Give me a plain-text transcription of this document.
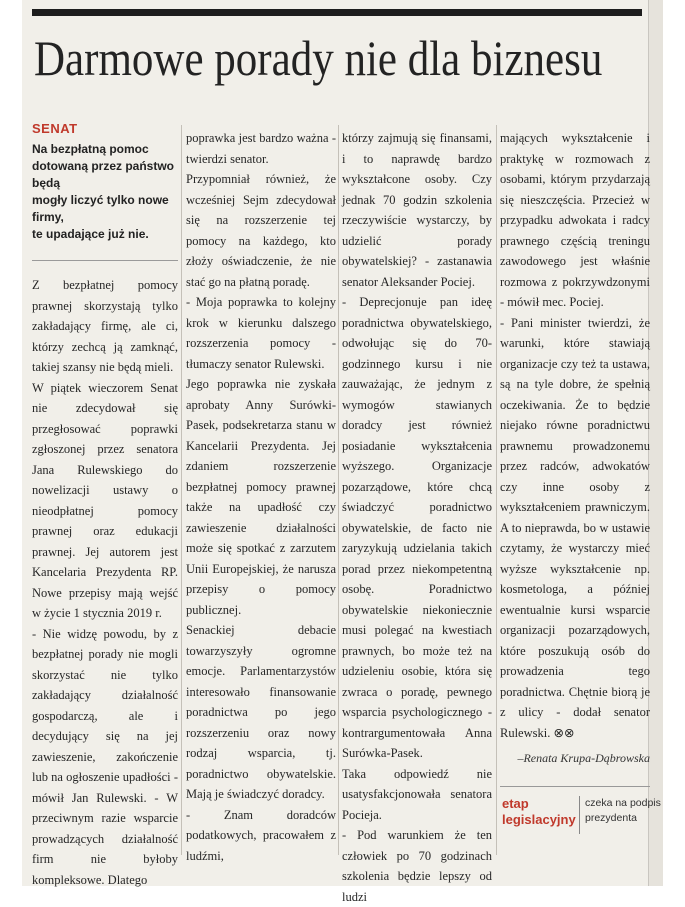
Darmowe porady nie dla biznesu
SENAT
Na bezpłatną pomoc
dotowaną przez państwo będą
mogły liczyć tylko nowe firmy,
te upadające już nie.

Z bezpłatnej pomocy prawnej skorzystają tylko zakładający firmę, ale ci, którzy zechcą ją zamknąć, takiej szansy nie będą mieli.
W piątek wieczorem Senat nie zdecydował się przegłosować poprawki zgłoszonej przez senatora Jana Rulewskiego do nowelizacji ustawy o nieodpłatnej pomocy prawnej oraz edukacji prawnej. Jej autorem jest Kancelaria Prezydenta RP. Nowe przepisy mają wejść w życie 1 stycznia 2019 r.
- Nie widzę powodu, by z bezpłatnej porady nie mogli skorzystać nie tylko zakładający działalność gospodarczą, ale i decydujący się na jej zawieszenie, zakończenie lub na ogłoszenie upadłości -mówił Jan Rulewski. - W przeciwnym razie wsparcie prowadzących działalność firm nie byłoby kompleksowe. Dlatego

poprawka jest bardzo ważna - twierdzi senator.
Przypomniał również, że wcześniej Sejm zdecydował się na rozszerzenie tej pomocy na każdego, kto złoży oświadczenie, że nie stać go na płatną poradę.
- Moja poprawka to kolejny krok w kierunku dalszego rozszerzenia pomocy - tłumaczy senator Rulewski.
Jego poprawka nie zyskała aprobaty Anny Surówki-Pasek, podsekretarza stanu w Kancelarii Prezydenta. Jej zdaniem rozszerzenie bezpłatnej pomocy prawnej także na upadłość czy zawieszenie działalności może się spotkać z zarzutem Unii Europejskiej, że narusza przepisy o pomocy publicznej.
Senackiej debacie towarzyszyły ogromne emocje. Parlamentarzystów interesowało finansowanie poradnictwa po jego rozszerzeniu oraz nowy rodzaj wsparcia, tj. poradnictwo obywatelskie. Mają je świadczyć doradcy.
- Znam doradców podatkowych, pracowałem z ludźmi,

którzy zajmują się finansami, i to naprawdę bardzo wykształcone osoby. Czy jednak 70 godzin szkolenia rzeczywiście wystarczy, by udzielić porady obywatelskiej? - zastanawia senator Aleksander Pociej.
- Deprecjonuje pan ideę poradnictwa obywatelskiego, odwołując się do 70-godzinnego kursu i nie zauważając, że jednym z wymogów stawianych doradcy jest również posiadanie wykształcenia wyższego. Organizacje pozarządowe, które chcą świadczyć poradnictwo obywatelskie, de facto nie zaryzykują udzielania takich porad przez niekompetentną osobę. Poradnictwo obywatelskie niekoniecznie musi polegać na kwestiach prawnych, bo może też na udzieleniu osobie, która się zwraca o poradę, pewnego wsparcia psychologicznego - kontrargumentowała Anna Surówka-Pasek.
Taka odpowiedź nie usatysfakcjonowała senatora Pocieja.
- Pod warunkiem że ten człowiek po 70 godzinach szkolenia będzie lepszy od ludzi

mających wykształcenie i praktykę w rozmowach z osobami, którym przydarzają się nieszczęścia. Przecież w przypadku adwokata i radcy prawnego częścią treningu zawodowego jest właśnie rozmowa z pokrzywdzonymi - mówił mec. Pociej.
- Pani minister twierdzi, że warunki, które stawiają organizacje czy też ta ustawa, są na tyle dobre, że spełnią oczekiwania. Że to będzie niejako równe poradnictwu prawnemu prowadzonemu przez radców, adwokatów czy inne osoby z wykształceniem prawniczym. A to nieprawda, bo w ustawie czytamy, że wystarczy mieć wyższe wykształcenie np. kosmetologa, a później ewentualnie kursi wsparcie organizacji pozarządowych, które poszukują osób do prowadzenia tego poradnictwa. Chętnie biorą je z ulicy - dodał senator Rulewski. ⊗⊗

–Renata Krupa-Dąbrowska
etap
legislacyjny
czeka na podpis
prezydenta
